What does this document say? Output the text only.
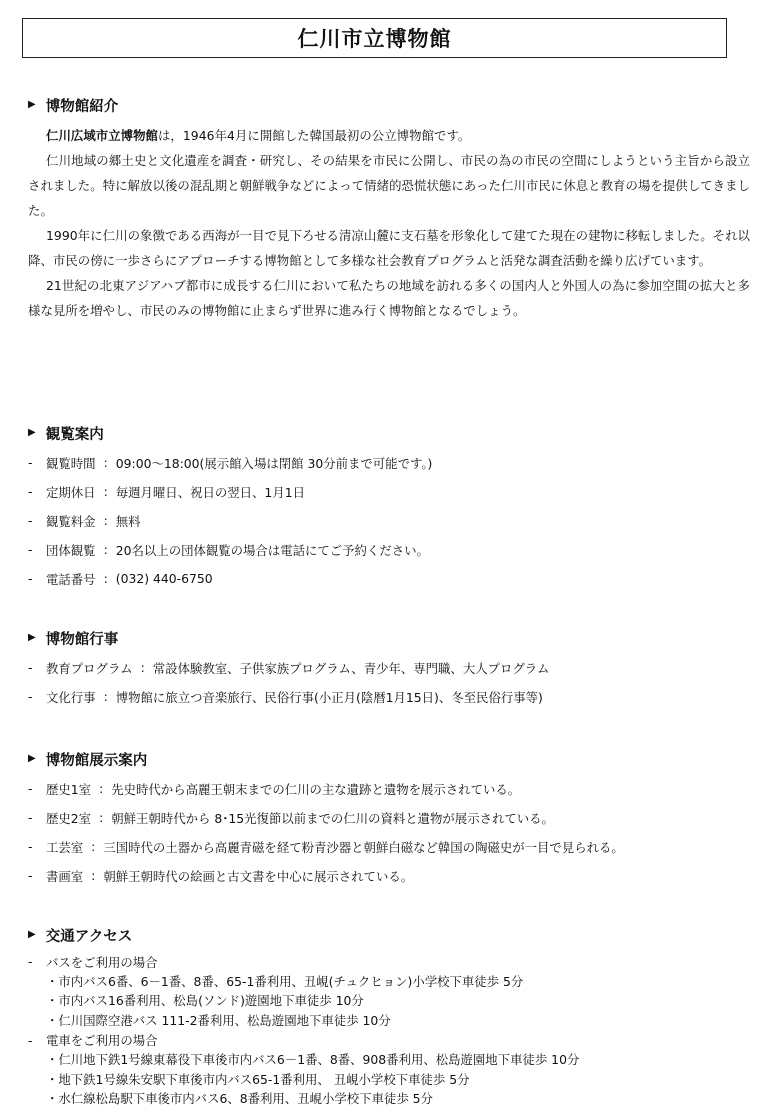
仁川市立博物館
▶ 博物館紹介

仁川広域市立博物館は，1946年4月に開館した韓国最初の公立博物館です。

仁川地域の郷土史と文化遺産を調査・研究し、その結果を市民に公開し、市民の為の市民の空間にしようという主旨から設立されました。特に解放以後の混乱期と朝鮮戦争などによって情緒的恐慌状態にあった仁川市民に休息と教育の場を提供してきました。

1990年に仁川の象徴である西海が一目で見下ろせる清凉山麓に支石墓を形象化して建てた現在の建物に移転しました。それ以降、市民の傍に一歩さらにアプローチする博物館として多様な社会教育プログラムと活発な調査活動を繰り広げています。

21世紀の北東アジアハブ都市に成長する仁川において私たちの地域を訪れる多くの国内人と外国人の為に参加空間の拡大と多様な見所を増やし、市民のみの博物館に止まらず世界に進み行く博物館となるでしょう。

▶ 観覧案内
-	観覧時間 : 09:00～18:00(展示館入場は閉館 30分前まで可能です。)
-	定期休日 : 毎週月曜日、祝日の翌日、1月1日
-	観覧料金 : 無料
-	団体観覧 : 20名以上の団体観覧の場合は電話にてご予約ください。
-	電話番号 : (032) 440-6750
▶ 博物館行事
-	教育プログラム : 常設体験教室、子供家族プログラム、青少年、専門職、大人プログラム
-	文化行事 : 博物館に旅立つ音楽旅行、民俗行事(小正月(陰暦1月15日)、冬至民俗行事等)
▶ 博物館展示案内
-	歴史1室 : 先史時代から高麗王朝末までの仁川の主な遺跡と遺物を展示されている。
-	歴史2室 : 朝鮮王朝時代から 8･15光復節以前までの仁川の資料と遺物が展示されている。
-	工芸室 : 三国時代の土器から高麗青磁を経て粉青沙器と朝鮮白磁など韓国の陶磁史が一目で見られる。
-	書画室 : 朝鮮王朝時代の絵画と古文書を中心に展示されている。
▶ 交通アクセス
-	バスをご利用の場合
・市内バス6番、6－1番、8番、65-1番利用、丑峴(チュクヒョン)小学校下車徒歩 5分
・市内バス16番利用、松島(ソンド)遊園地下車徒歩 10分
・仁川国際空港バス 111-2番利用、松島遊園地下車徒歩 10分
-	電車をご利用の場合
・仁川地下鉄1号線東幕役下車後市内バス6－1番、8番、908番利用、松島遊園地下車徒歩 10分
・地下鉄1号線朱安駅下車後市内バス65-1番利用、 丑峴小学校下車徒歩 5分
・水仁線松島駅下車後市内バス6、8番利用、丑峴小学校下車徒歩 5分
